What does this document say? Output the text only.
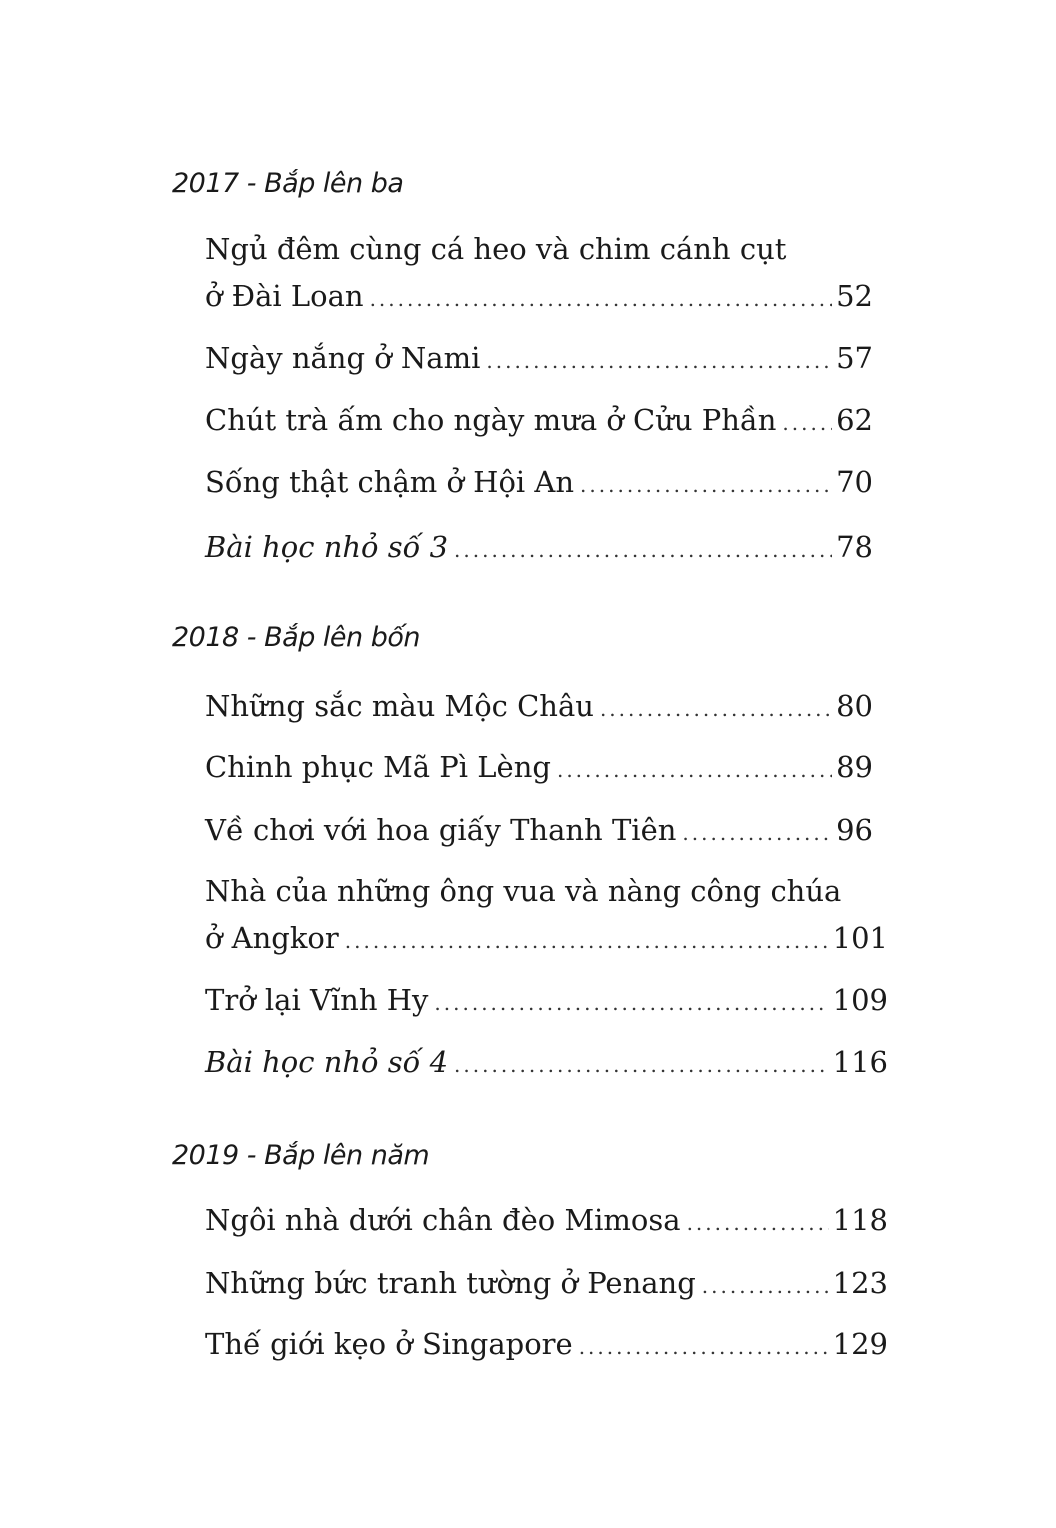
2017 - Bắp lên ba
Ngủ đêm cùng cá heo và chim cánh cụt
ở Đài Loan .....	52
Ngày nắng ở Nami .....	57
Chút trà ấm cho ngày mưa ở Cửu Phần ..... 62
Sống thật chậm ở Hội An .....	70
Bài học nhỏ số 3 .....	78
2018 - Bắp lên bốn
Những sắc màu Mộc Châu .....	80
Chinh phục Mã Pì Lèng .....	89
Về chơi với hoa giấy Thanh Tiên .....	96
Nhà của những ông vua và nàng công chúa
ở Angkor .....	101
Trở lại Vĩnh Hy .....	109
Bài học nhỏ số 4 .....	116
2019 - Bắp lên năm
Ngôi nhà dưới chân đèo Mimosa .....	118
Những bức tranh tường ở Penang .....	123
Thế giới kẹo ở Singapore .....	129
